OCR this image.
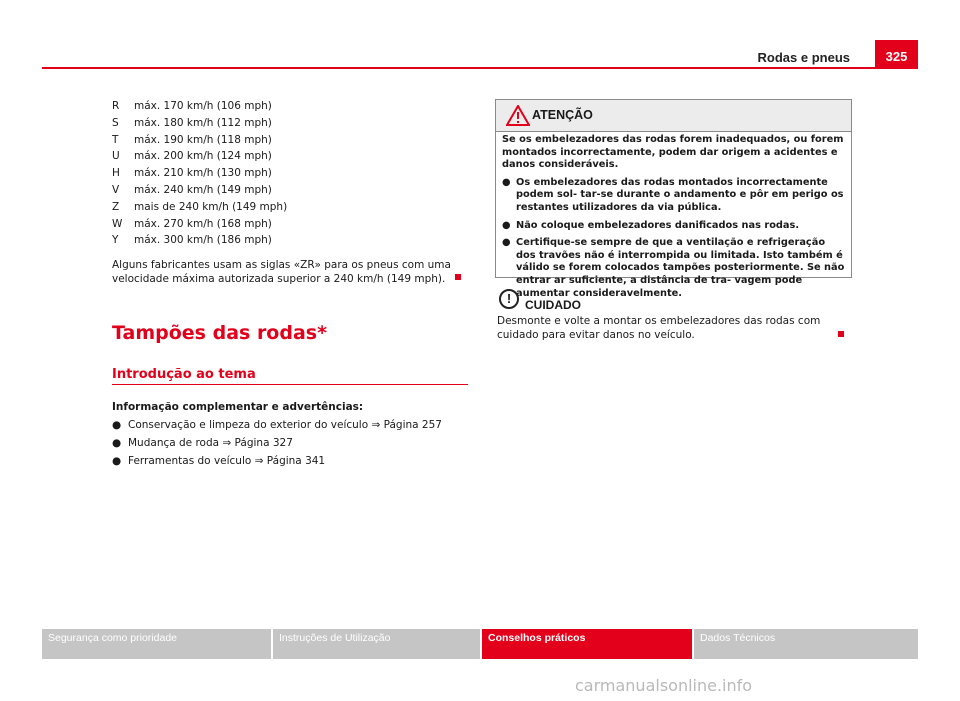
Rodas e pneus	325
R	máx. 170 km/h (106 mph)
S	máx. 180 km/h (112 mph)
T	máx. 190 km/h (118 mph)
U	máx. 200 km/h (124 mph)
H	máx. 210 km/h (130 mph)
V	máx. 240 km/h (149 mph)
Z	mais de 240 km/h (149 mph)
W	máx. 270 km/h (168 mph)
Y	máx. 300 km/h (186 mph)
Alguns fabricantes usam as siglas «ZR» para os pneus com uma velocidade máxima autorizada superior a 240 km/h (149 mph).
Tampões das rodas*
Introdução ao tema
Informação complementar e advertências:
● Conservação e limpeza do exterior do veículo ⇒ Página 257
● Mudança de roda ⇒ Página 327
● Ferramentas do veículo ⇒ Página 341
ATENÇÃO

Se os embelezadores das rodas forem inadequados, ou forem montados incorrectamente, podem dar origem a acidentes e danos consideráveis.

● Os embelezadores das rodas montados incorrectamente podem sol- tar-se durante o andamento e pôr em perigo os restantes utilizadores da via pública.
● Não coloque embelezadores danificados nas rodas.
● Certifique-se sempre de que a ventilação e refrigeração dos travões não é interrompida ou limitada. Isto também é válido se forem colocados tampões posteriormente. Se não entrar ar suficiente, a distância de tra- vagem pode aumentar consideravelmente.
!	CUIDADO
Desmonte e volte a montar os embelezadores das rodas com cuidado para evitar danos no veículo.
Segurança como prioridade	Instruções de Utilização	Conselhos práticos	Dados Técnicos
carmanualsonline.info
